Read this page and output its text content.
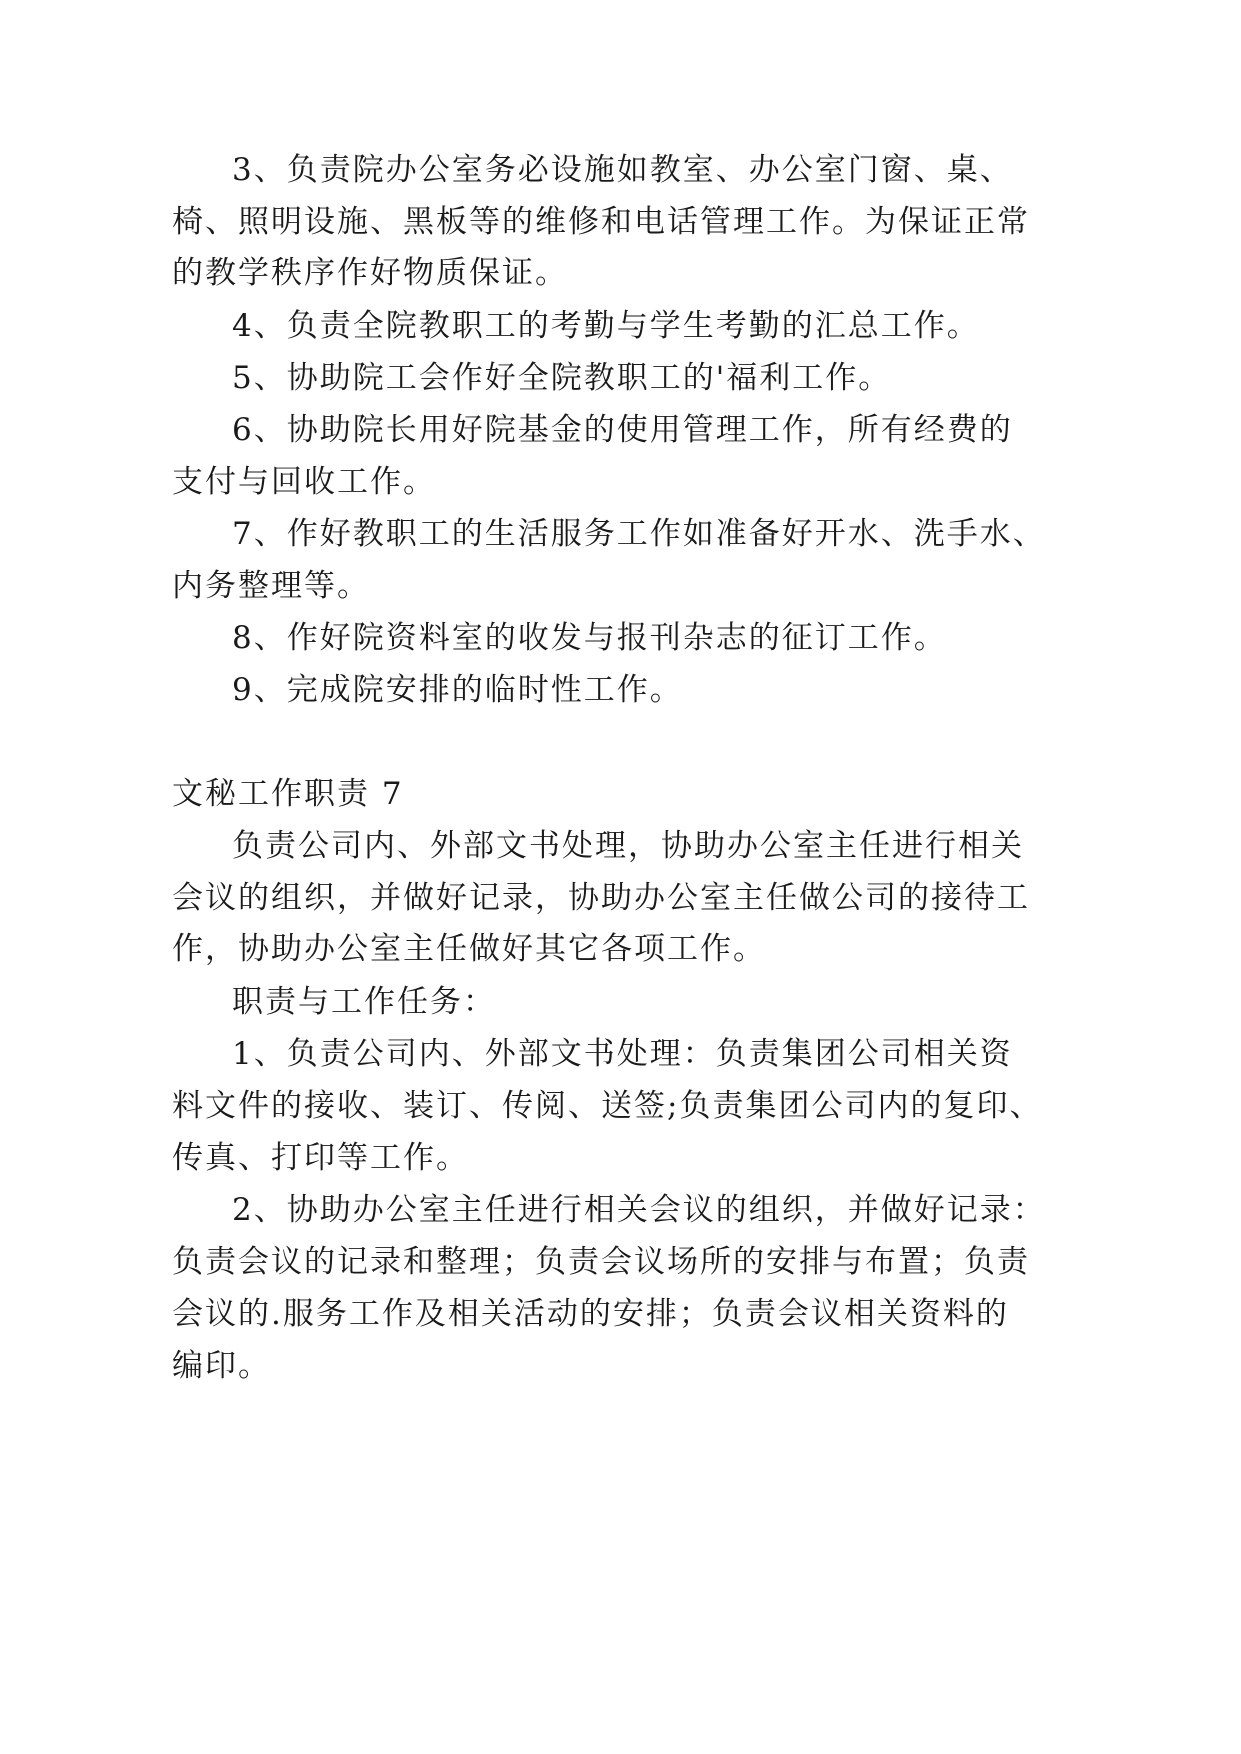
3、负责院办公室务必设施如教室、办公室门窗、桌、
椅、照明设施、黑板等的维修和电话管理工作。为保证正常
的教学秩序作好物质保证。
4、负责全院教职工的考勤与学生考勤的汇总工作。
5、协助院工会作好全院教职工的'福利工作。
6、协助院长用好院基金的使用管理工作，所有经费的
支付与回收工作。
7、作好教职工的生活服务工作如准备好开水、洗手水、
内务整理等。
8、作好院资料室的收发与报刊杂志的征订工作。
9、完成院安排的临时性工作。
文秘工作职责 7
负责公司内、外部文书处理，协助办公室主任进行相关
会议的组织，并做好记录，协助办公室主任做公司的接待工
作，协助办公室主任做好其它各项工作。
职责与工作任务：
1、负责公司内、外部文书处理：负责集团公司相关资
料文件的接收、装订、传阅、送签;负责集团公司内的复印、
传真、打印等工作。
2、协助办公室主任进行相关会议的组织，并做好记录：
负责会议的记录和整理；负责会议场所的安排与布置；负责
会议的.服务工作及相关活动的安排；负责会议相关资料的
编印。
